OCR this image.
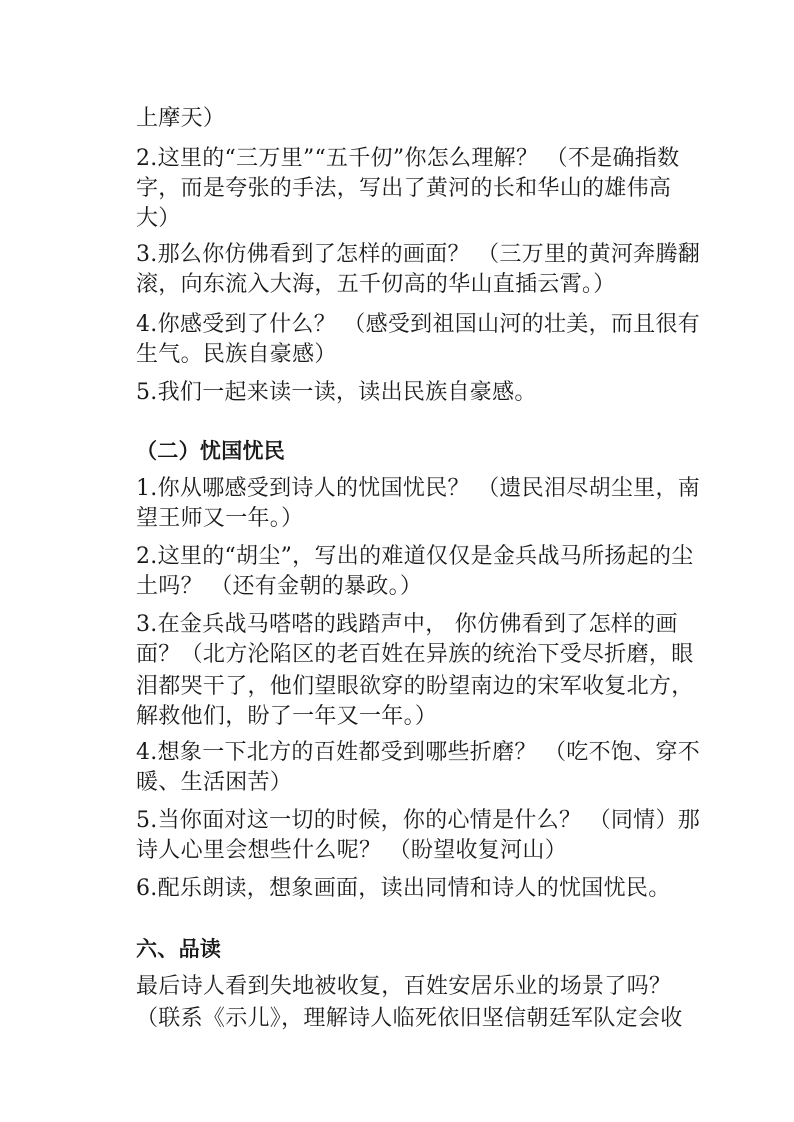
上摩天）
2.这里的“三万里”“五千仞”你怎么理解？ （不是确指数
字，而是夸张的手法，写出了黄河的长和华山的雄伟高
大）
3.那么你仿佛看到了怎样的画面？ （三万里的黄河奔腾翻
滚，向东流入大海，五千仞高的华山直插云霄。）
4.你感受到了什么？ （感受到祖国山河的壮美，而且很有
生气。民族自豪感）
5.我们一起来读一读，读出民族自豪感。
（二）忧国忧民
1.你从哪感受到诗人的忧国忧民？ （遗民泪尽胡尘里，南
望王师又一年。）
2.这里的“胡尘”，写出的难道仅仅是金兵战马所扬起的尘
土吗？ （还有金朝的暴政。）
3.在金兵战马嗒嗒的践踏声中， 你仿佛看到了怎样的画
面？（北方沦陷区的老百姓在异族的统治下受尽折磨，眼
泪都哭干了，他们望眼欲穿的盼望南边的宋军收复北方，
解救他们，盼了一年又一年。）
4.想象一下北方的百姓都受到哪些折磨？ （吃不饱、穿不
暖、生活困苦）
5.当你面对这一切的时候，你的心情是什么？ （同情）那
诗人心里会想些什么呢？ （盼望收复河山）
6.配乐朗读，想象画面，读出同情和诗人的忧国忧民。
六、品读
最后诗人看到失地被收复，百姓安居乐业的场景了吗？
（联系《示儿》，理解诗人临死依旧坚信朝廷军队定会收
